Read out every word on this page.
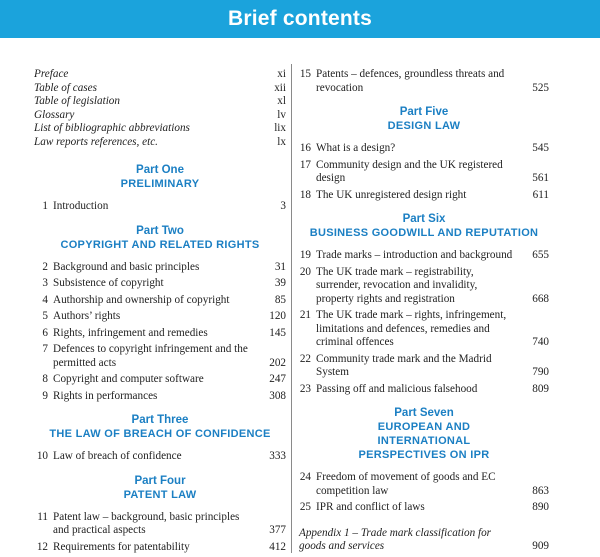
Brief contents
Preface	xi
Table of cases	xii
Table of legislation	xl
Glossary	lv
List of bibliographic abbreviations	lix
Law reports references, etc.	lx
Part One
PRELIMINARY
1 Introduction	3
Part Two
COPYRIGHT AND RELATED RIGHTS
2 Background and basic principles	31
3 Subsistence of copyright	39
4 Authorship and ownership of copyright	85
5 Authors’ rights	120
6 Rights, infringement and remedies	145
7 Defences to copyright infringement and the permitted acts	202
8 Copyright and computer software	247
9 Rights in performances	308
Part Three
THE LAW OF BREACH OF CONFIDENCE
10 Law of breach of confidence	333
Part Four
PATENT LAW
11 Patent law – background, basic principles and practical aspects	377
12 Requirements for patentability	412
15 Patents – defences, groundless threats and revocation	525
Part Five
DESIGN LAW
16 What is a design?	545
17 Community design and the UK registered design	561
18 The UK unregistered design right	611
Part Six
BUSINESS GOODWILL AND REPUTATION
19 Trade marks – introduction and background	655
20 The UK trade mark – registrability, surrender, revocation and invalidity, property rights and registration	668
21 The UK trade mark – rights, infringement, limitations and defences, remedies and criminal offences	740
22 Community trade mark and the Madrid System	790
23 Passing off and malicious falsehood	809
Part Seven
EUROPEAN AND INTERNATIONAL PERSPECTIVES ON IPR
24 Freedom of movement of goods and EC competition law	863
25 IPR and conflict of laws	890
Appendix 1 – Trade mark classification for goods and services	909
